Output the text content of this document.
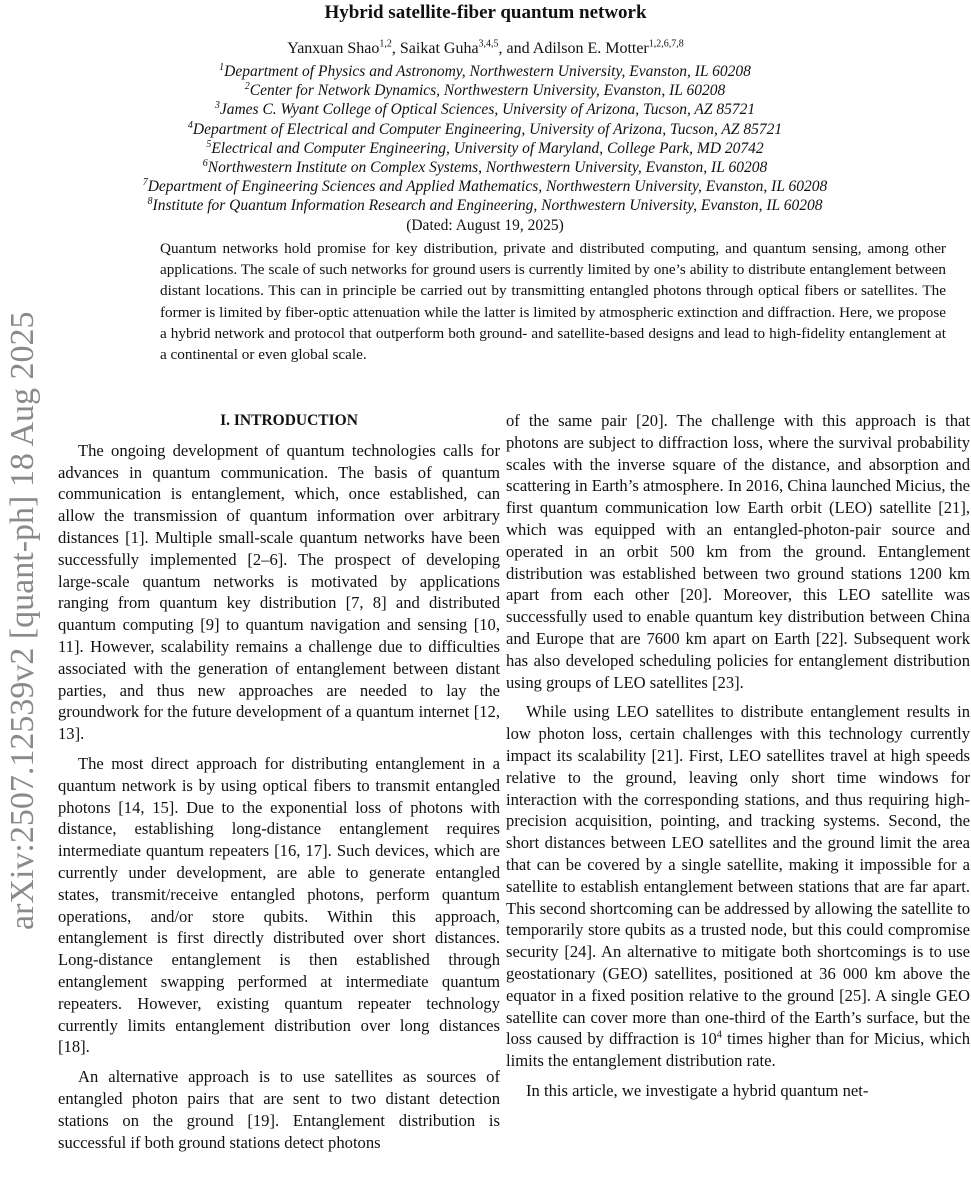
arXiv:2507.12539v2 [quant-ph] 18 Aug 2025
Hybrid satellite-fiber quantum network
Yanxuan Shao$^{1,2}$, Saikat Guha$^{3,4,5}$, and Adilson E. Motter$^{1,2,6,7,8}$
$^1$Department of Physics and Astronomy, Northwestern University, Evanston, IL 60208
$^2$Center for Network Dynamics, Northwestern University, Evanston, IL 60208
$^3$James C. Wyant College of Optical Sciences, University of Arizona, Tucson, AZ 85721
$^4$Department of Electrical and Computer Engineering, University of Arizona, Tucson, AZ 85721
$^5$Electrical and Computer Engineering, University of Maryland, College Park, MD 20742
$^6$Northwestern Institute on Complex Systems, Northwestern University, Evanston, IL 60208
$^7$Department of Engineering Sciences and Applied Mathematics, Northwestern University, Evanston, IL 60208
$^8$Institute for Quantum Information Research and Engineering, Northwestern University, Evanston, IL 60208
(Dated: August 19, 2025)
Quantum networks hold promise for key distribution, private and distributed computing, and quantum sensing, among other applications. The scale of such networks for ground users is currently limited by one’s ability to distribute entanglement between distant locations. This can in principle be carried out by transmitting entangled photons through optical fibers or satellites. The former is limited by fiber-optic attenuation while the latter is limited by atmospheric extinction and diffraction. Here, we propose a hybrid network and protocol that outperform both ground- and satellite-based designs and lead to high-fidelity entanglement at a continental or even global scale.

I. INTRODUCTION

The ongoing development of quantum technologies calls for advances in quantum communication. The basis of quantum communication is entanglement, which, once established, can allow the transmission of quantum information over arbitrary distances [1]. Multiple small-scale quantum networks have been successfully implemented [2–6]. The prospect of developing large-scale quantum networks is motivated by applications ranging from quantum key distribution [7, 8] and distributed quantum computing [9] to quantum navigation and sensing [10, 11]. However, scalability remains a challenge due to difficulties associated with the generation of entanglement between distant parties, and thus new approaches are needed to lay the groundwork for the future development of a quantum internet [12, 13].

The most direct approach for distributing entanglement in a quantum network is by using optical fibers to transmit entangled photons [14, 15]. Due to the exponential loss of photons with distance, establishing long-distance entanglement requires intermediate quantum repeaters [16, 17]. Such devices, which are currently under development, are able to generate entangled states, transmit/receive entangled photons, perform quantum operations, and/or store qubits. Within this approach, entanglement is first directly distributed over short distances. Long-distance entanglement is then established through entanglement swapping performed at intermediate quantum repeaters. However, existing quantum repeater technology currently limits entanglement distribution over long distances [18].

An alternative approach is to use satellites as sources of entangled photon pairs that are sent to two distant detection stations on the ground [19]. Entanglement distribution is successful if both ground stations detect photons

of the same pair [20]. The challenge with this approach is that photons are subject to diffraction loss, where the survival probability scales with the inverse square of the distance, and absorption and scattering in Earth’s atmosphere. In 2016, China launched Micius, the first quantum communication low Earth orbit (LEO) satellite [21], which was equipped with an entangled-photon-pair source and operated in an orbit 500 km from the ground. Entanglement distribution was established between two ground stations 1200 km apart from each other [20]. Moreover, this LEO satellite was successfully used to enable quantum key distribution between China and Europe that are 7600 km apart on Earth [22]. Subsequent work has also developed scheduling policies for entanglement distribution using groups of LEO satellites [23].

While using LEO satellites to distribute entanglement results in low photon loss, certain challenges with this technology currently impact its scalability [21]. First, LEO satellites travel at high speeds relative to the ground, leaving only short time windows for interaction with the corresponding stations, and thus requiring high-precision acquisition, pointing, and tracking systems. Second, the short distances between LEO satellites and the ground limit the area that can be covered by a single satellite, making it impossible for a satellite to establish entanglement between stations that are far apart. This second shortcoming can be addressed by allowing the satellite to temporarily store qubits as a trusted node, but this could compromise security [24]. An alternative to mitigate both shortcomings is to use geostationary (GEO) satellites, positioned at 36 000 km above the equator in a fixed position relative to the ground [25]. A single GEO satellite can cover more than one-third of the Earth’s surface, but the loss caused by diffraction is $10^4$ times higher than for Micius, which limits the entanglement distribution rate.

In this article, we investigate a hybrid quantum net-
